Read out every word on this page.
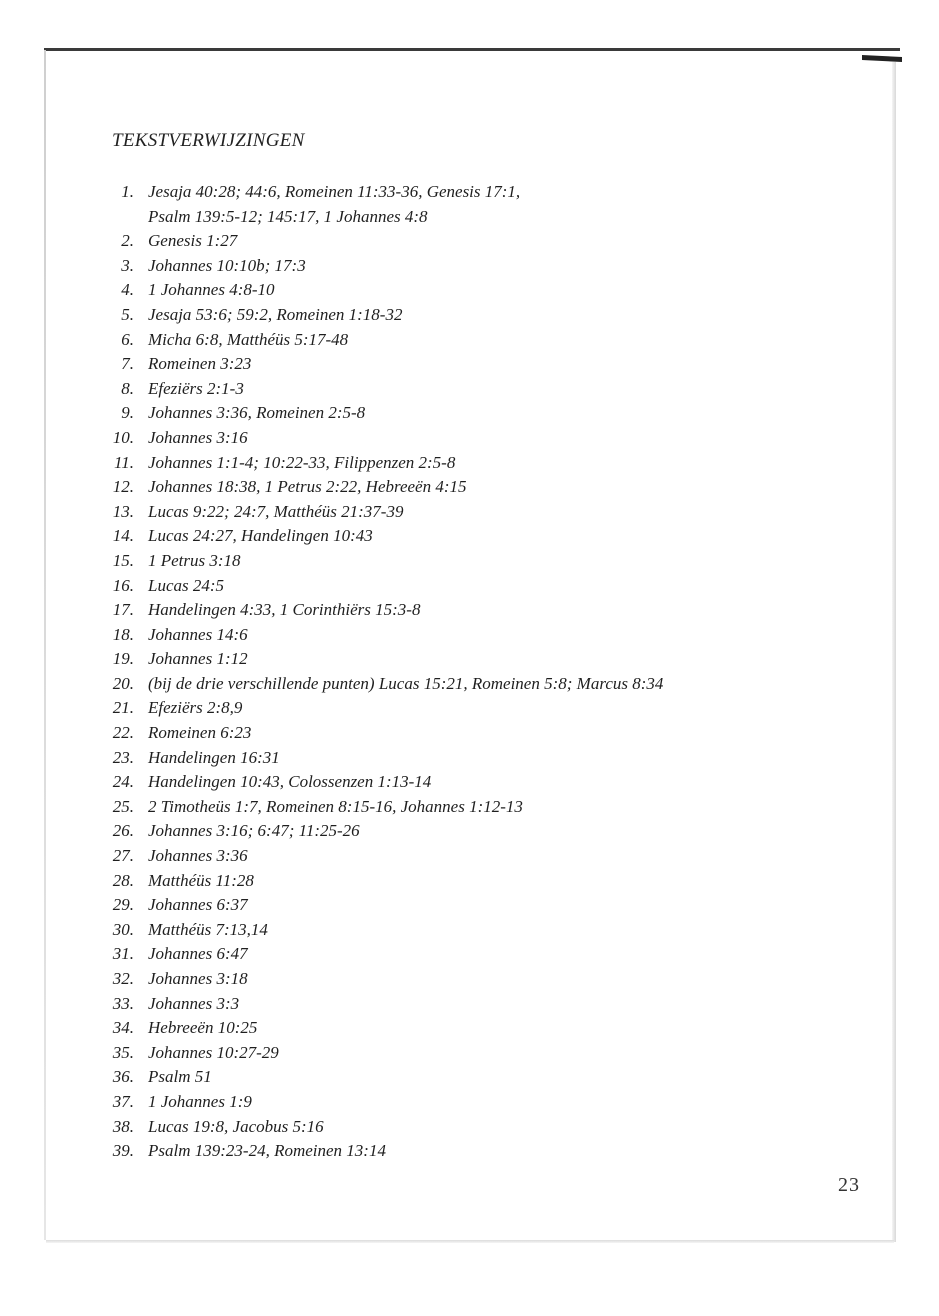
TEKSTVERWIJZINGEN
1. Jesaja 40:28; 44:6, Romeinen 11:33-36, Genesis 17:1,
Psalm 139:5-12; 145:17, 1 Johannes 4:8
2. Genesis 1:27
3. Johannes 10:10b; 17:3
4. 1 Johannes 4:8-10
5. Jesaja 53:6; 59:2, Romeinen 1:18-32
6. Micha 6:8, Matthéüs 5:17-48
7. Romeinen 3:23
8. Efeziërs 2:1-3
9. Johannes 3:36, Romeinen 2:5-8
10. Johannes 3:16
11. Johannes 1:1-4; 10:22-33, Filippenzen 2:5-8
12. Johannes 18:38, 1 Petrus 2:22, Hebreeën 4:15
13. Lucas 9:22; 24:7, Matthéüs 21:37-39
14. Lucas 24:27, Handelingen 10:43
15. 1 Petrus 3:18
16. Lucas 24:5
17. Handelingen 4:33, 1 Corinthiërs 15:3-8
18. Johannes 14:6
19. Johannes 1:12
20. (bij de drie verschillende punten) Lucas 15:21, Romeinen 5:8; Marcus 8:34
21. Efeziërs 2:8,9
22. Romeinen 6:23
23. Handelingen 16:31
24. Handelingen 10:43, Colossenzen 1:13-14
25. 2 Timotheüs 1:7, Romeinen 8:15-16, Johannes 1:12-13
26. Johannes 3:16; 6:47; 11:25-26
27. Johannes 3:36
28. Matthéüs 11:28
29. Johannes 6:37
30. Matthéüs 7:13,14
31. Johannes 6:47
32. Johannes 3:18
33. Johannes 3:3
34. Hebreeën 10:25
35. Johannes 10:27-29
36. Psalm 51
37. 1 Johannes 1:9
38. Lucas 19:8, Jacobus 5:16
39. Psalm 139:23-24, Romeinen 13:14

23
